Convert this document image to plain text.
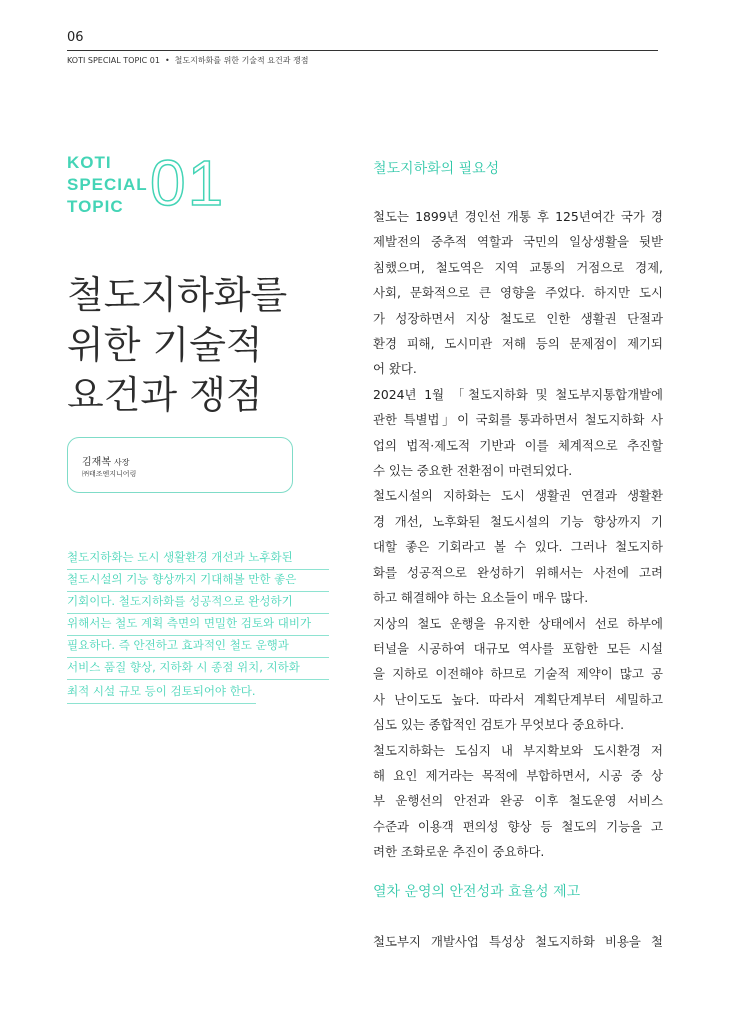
06
KOTI SPECIAL TOPIC 01 • 철도지하화를 위한 기술적 요건과 쟁점
KOTI
SPECIAL
TOPIC 01
철도지하화를
위한 기술적
요건과 쟁점
김재복 사장
㈜태조엔지니어링
철도지하화는 도시 생활환경 개선과 노후화된
철도시설의 기능 향상까지 기대해볼 만한 좋은
기회이다. 철도지하화를 성공적으로 완성하기
위해서는 철도 계획 측면의 면밀한 검토와 대비가
필요하다. 즉 안전하고 효과적인 철도 운행과
서비스 품질 향상, 지하화 시 종점 위치, 지하화
최적 시설 규모 등이 검토되어야 한다.
철도지하화의 필요성
철도는 1899년 경인선 개통 후 125년여간 국가 경
제발전의 중추적 역할과 국민의 일상생활을 뒷받
침했으며, 철도역은 지역 교통의 거점으로 경제,
사회, 문화적으로 큰 영향을 주었다. 하지만 도시
가 성장하면서 지상 철도로 인한 생활권 단절과
환경 피해, 도시미관 저해 등의 문제점이 제기되
어 왔다.
2024년 1월 「철도지하화 및 철도부지통합개발에
관한 특별법」이 국회를 통과하면서 철도지하화 사
업의 법적·제도적 기반과 이를 체계적으로 추진할
수 있는 중요한 전환점이 마련되었다.
철도시설의 지하화는 도시 생활권 연결과 생활환
경 개선, 노후화된 철도시설의 기능 향상까지 기
대할 좋은 기회라고 볼 수 있다. 그러나 철도지하
화를 성공적으로 완성하기 위해서는 사전에 고려
하고 해결해야 하는 요소들이 매우 많다.
지상의 철도 운행을 유지한 상태에서 선로 하부에
터널을 시공하여 대규모 역사를 포함한 모든 시설
을 지하로 이전해야 하므로 기술적 제약이 많고 공
사 난이도도 높다. 따라서 계획단계부터 세밀하고
심도 있는 종합적인 검토가 무엇보다 중요하다.
철도지하화는 도심지 내 부지확보와 도시환경 저
해 요인 제거라는 목적에 부합하면서, 시공 중 상
부 운행선의 안전과 완공 이후 철도운영 서비스
수준과 이용객 편의성 향상 등 철도의 기능을 고
려한 조화로운 추진이 중요하다.
열차 운영의 안전성과 효율성 제고
철도부지 개발사업 특성상 철도지하화 비용을 철
